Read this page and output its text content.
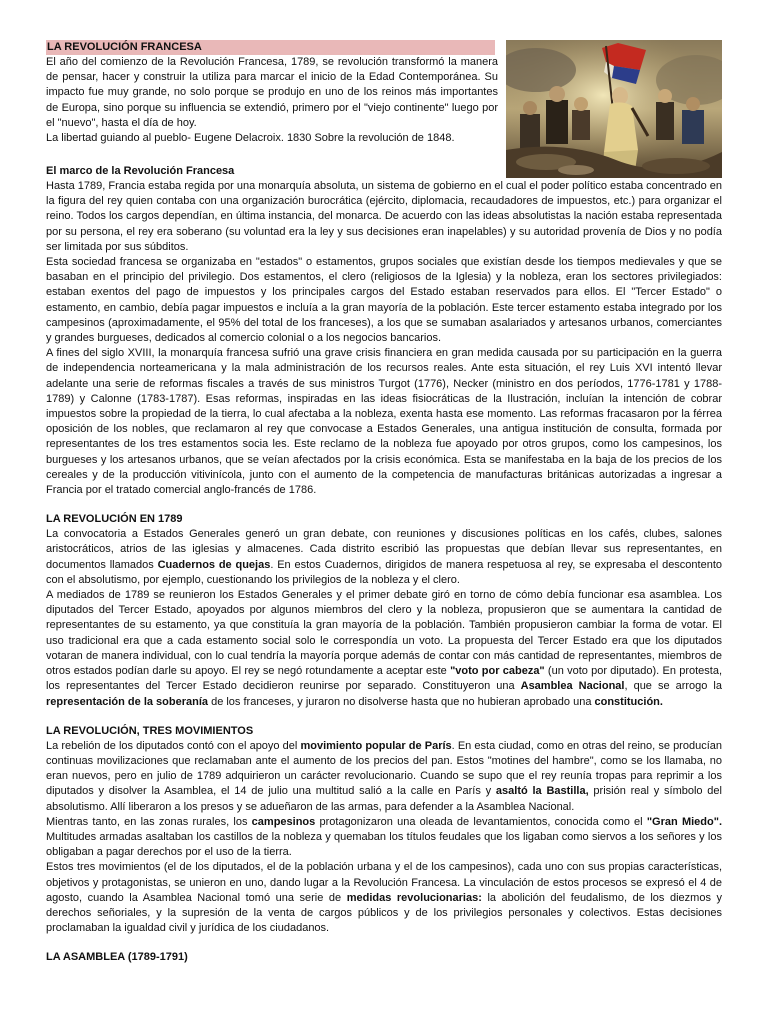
LA REVOLUCIÓN FRANCESA

El año del comienzo de la Revolución Francesa, 1789, se revolución transformó la manera de pensar, hacer y construir la utiliza para marcar el inicio de la Edad Contemporánea. Su impacto fue muy grande, no solo porque se produjo en uno de los reinos más importantes de Europa, sino porque su influencia se extendió, primero por el "viejo continente" luego por el "nuevo", hasta el día de hoy.

La libertad guiando al pueblo- Eugene Delacroix. 1830 Sobre la revolución de 1848.

El marco de la Revolución Francesa

Hasta 1789, Francia estaba regida por una monarquía absoluta, un sistema de gobierno en el cual el poder político estaba concentrado en la figura del rey quien contaba con una organización burocrática (ejército, diplomacia, recaudadores de impuestos, etc.) para organizar el reino. Todos los cargos dependían, en última instancia, del monarca. De acuerdo con las ideas absolutistas la nación estaba representada por su persona, el rey era soberano (su voluntad era la ley y sus decisiones eran inapelables) y su autoridad provenía de Dios y no podía ser limitada por sus súbditos.

Esta sociedad francesa se organizaba en "estados" o estamentos, grupos sociales que existían desde los tiempos medievales y que se basaban en el principio del privilegio. Dos estamentos, el clero (religiosos de la Iglesia) y la nobleza, eran los sectores privilegiados: estaban exentos del pago de impuestos y los principales cargos del Estado estaban reservados para ellos. El "Tercer Estado" o estamento, en cambio, debía pagar impuestos e incluía a la gran mayoría de la población. Este tercer estamento estaba integrado por los campesinos (aproximadamente, el 95% del total de los franceses), a los que se sumaban asalariados y artesanos urbanos, comerciantes y grandes burgueses, dedicados al comercio colonial o a los negocios bancarios.

A fines del siglo XVIII, la monarquía francesa sufrió una grave crisis financiera en gran medida causada por su participación en la guerra de independencia norteamericana y la mala administración de los recursos reales. Ante esta situación, el rey Luis XVI intentó llevar adelante una serie de reformas fiscales a través de sus ministros Turgot (1776), Necker (ministro en dos períodos, 1776-1781 y 1788-1789) y Calonne (1783-1787). Esas reformas, inspiradas en las ideas fisiocráticas de la Ilustración, incluían la intención de cobrar impuestos sobre la propiedad de la tierra, lo cual afectaba a la nobleza, exenta hasta ese momento. Las reformas fracasaron por la férrea oposición de los nobles, que reclamaron al rey que convocase a Estados Generales, una antigua institución de consulta, formada por representantes de los tres estamentos socia les. Este reclamo de la nobleza fue apoyado por otros grupos, como los campesinos, los burgueses y los artesanos urbanos, que se veían afectados por la crisis económica. Esta se manifestaba en la baja de los precios de los cereales y de la producción vitivinícola, junto con el aumento de la competencia de manufacturas británicas autorizadas a ingresar a Francia por el tratado comercial anglo-francés de 1786.

LA REVOLUCIÓN EN 1789

La convocatoria a Estados Generales generó un gran debate, con reuniones y discusiones políticas en los cafés, clubes, salones aristocráticos, atrios de las iglesias y almacenes. Cada distrito escribió las propuestas que debían llevar sus representantes, en documentos llamados Cuadernos de quejas. En estos Cuadernos, dirigidos de manera respetuosa al rey, se expresaba el descontento con el absolutismo, por ejemplo, cuestionando los privilegios de la nobleza y el clero.

A mediados de 1789 se reunieron los Estados Generales y el primer debate giró en torno de cómo debía funcionar esa asamblea. Los diputados del Tercer Estado, apoyados por algunos miembros del clero y la nobleza, propusieron que se aumentara la cantidad de representantes de su estamento, ya que constituía la gran mayoría de la población. También propusieron cambiar la forma de votar. El uso tradicional era que a cada estamento social solo le correspondía un voto. La propuesta del Tercer Estado era que los diputados votaran de manera individual, con lo cual tendría la mayoría porque además de contar con más cantidad de representantes, miembros de otros estados podían darle su apoyo. El rey se negó rotundamente a aceptar este "voto por cabeza" (un voto por diputado). En protesta, los representantes del Tercer Estado decidieron reunirse por separado. Constituyeron una Asamblea Nacional, que se arrogo la representación de la soberanía de los franceses, y juraron no disolverse hasta que no hubieran aprobado una constitución.

LA REVOLUCIÓN, TRES MOVIMIENTOS

La rebelión de los diputados contó con el apoyo del movimiento popular de París. En esta ciudad, como en otras del reino, se producían continuas movilizaciones que reclamaban ante el aumento de los precios del pan. Estos "motines del hambre", como se los llamaba, no eran nuevos, pero en julio de 1789 adquirieron un carácter revolucionario. Cuando se supo que el rey reunía tropas para reprimir a los diputados y disolver la Asamblea, el 14 de julio una multitud salió a la calle en París y asaltó la Bastilla, prisión real y símbolo del absolutismo. Allí liberaron a los presos y se adueñaron de las armas, para defender a la Asamblea Nacional.

Mientras tanto, en las zonas rurales, los campesinos protagonizaron una oleada de levantamientos, conocida como el "Gran Miedo". Multitudes armadas asaltaban los castillos de la nobleza y quemaban los títulos feudales que los ligaban como siervos a los señores y los obligaban a pagar derechos por el uso de la tierra.

Estos tres movimientos (el de los diputados, el de la población urbana y el de los campesinos), cada uno con sus propias características, objetivos y protagonistas, se unieron en uno, dando lugar a la Revolución Francesa. La vinculación de estos procesos se expresó el 4 de agosto, cuando la Asamblea Nacional tomó una serie de medidas revolucionarias: la abolición del feudalismo, de los diezmos y derechos señoriales, y la supresión de la venta de cargos públicos y de los privilegios personales y colectivos. Estas decisiones proclamaban la igualdad civil y jurídica de los ciudadanos.

LA ASAMBLEA (1789-1791)
